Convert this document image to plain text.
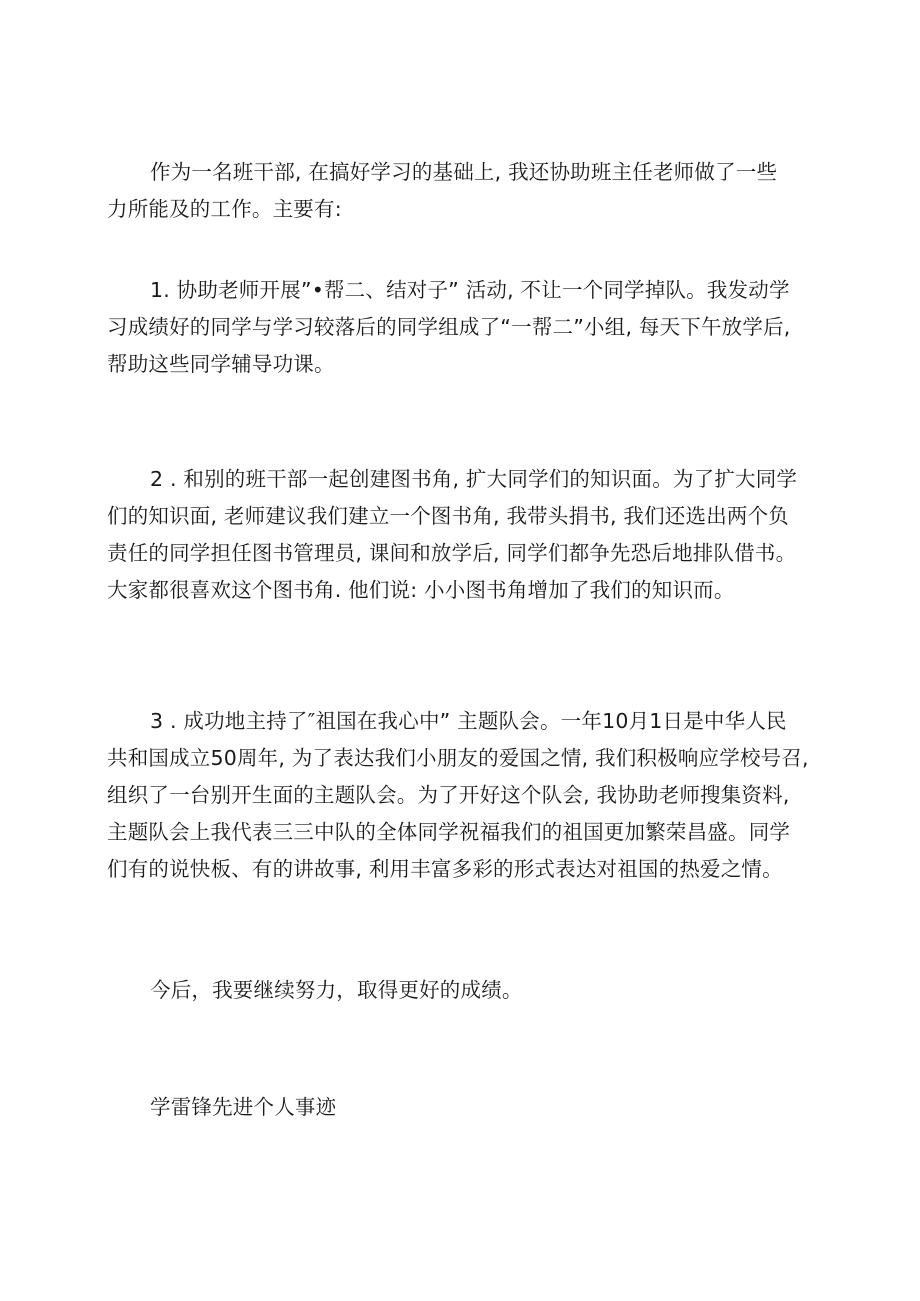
作为一名班干部, 在搞好学习的基础上, 我还协助班主任老师做了一些
力所能及的工作。主要有:

1. 协助老师开展”•帮二、结对子” 活动, 不让一个同学掉队。我发动学
习成绩好的同学与学习较落后的同学组成了“一帮二”小组, 每天下午放学后,
帮助这些同学辅导功课。

2 . 和别的班干部一起创建图书角, 扩大同学们的知识面。为了扩大同学
们的知识面, 老师建议我们建立一个图书角, 我带头捐书, 我们还选出两个负
责任的同学担任图书管理员, 课间和放学后, 同学们都争先恐后地排队借书。
大家都很喜欢这个图书角. 他们说: 小小图书角增加了我们的知识而。

3 . 成功地主持了″祖国在我心中” 主题队会。一年10月1日是中华人民
共和国成立50周年, 为了表达我们小朋友的爱国之情, 我们积极响应学校号召,
组织了一台别开生面的主题队会。为了开好这个队会, 我协助老师搜集资料,
主题队会上我代表三三中队的全体同学祝福我们的祖国更加繁荣昌盛。同学
们有的说快板、有的讲故事, 利用丰富多彩的形式表达对祖国的热爱之情。

今后，我要继续努力，取得更好的成绩。

学雷锋先进个人事迹
